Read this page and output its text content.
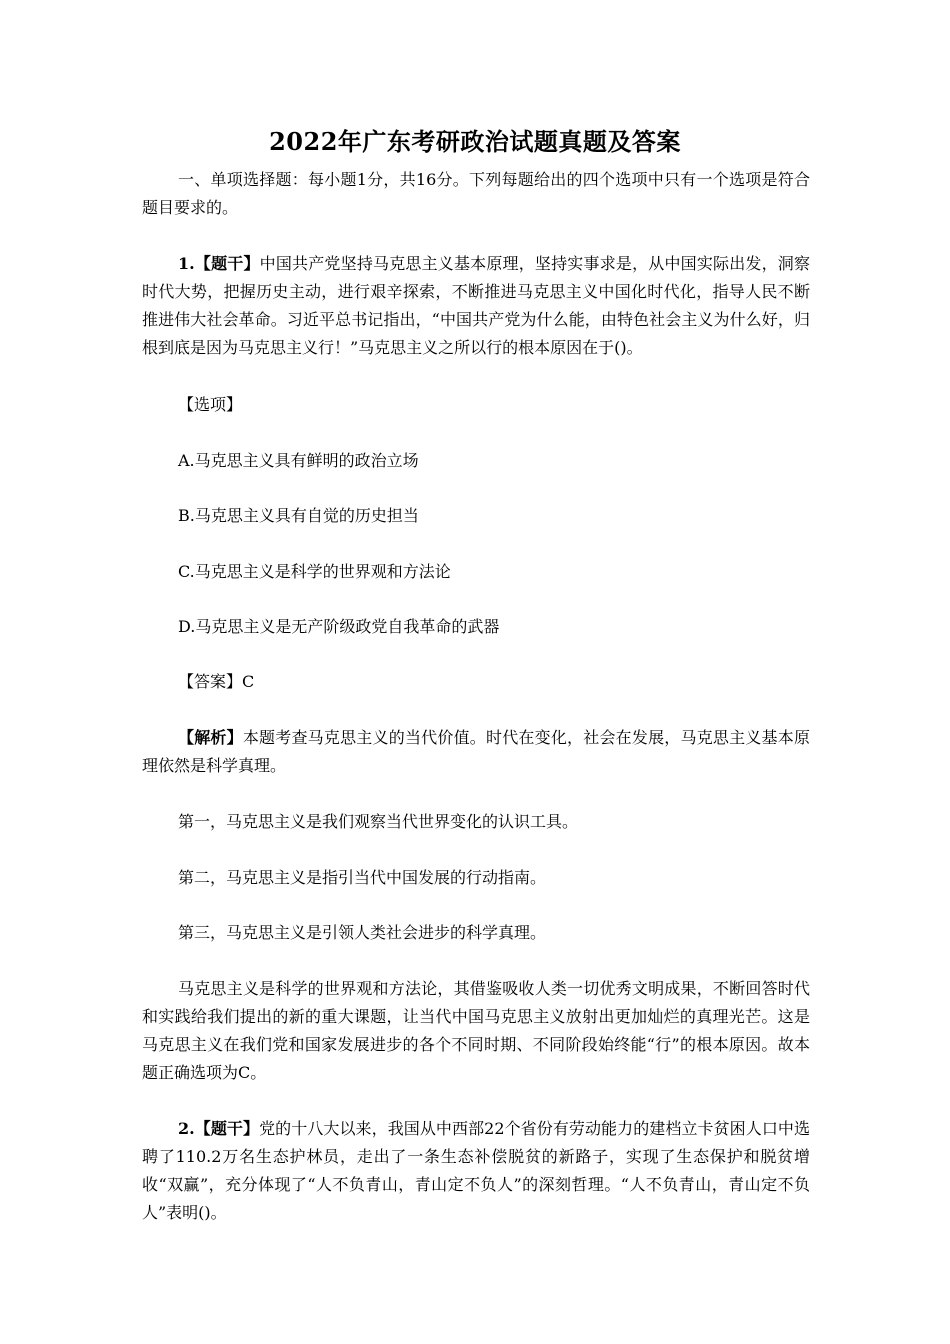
2022年广东考研政治试题真题及答案

一、单项选择题：每小题1分，共16分。下列每题给出的四个选项中只有一个选项是符合题目要求的。

1.【题干】中国共产党坚持马克思主义基本原理，坚持实事求是，从中国实际出发，洞察时代大势，把握历史主动，进行艰辛探索，不断推进马克思主义中国化时代化，指导人民不断推进伟大社会革命。习近平总书记指出，“中国共产党为什么能，由特色社会主义为什么好，归根到底是因为马克思主义行！”马克思主义之所以行的根本原因在于()。

【选项】

A.马克思主义具有鲜明的政治立场

B.马克思主义具有自觉的历史担当

C.马克思主义是科学的世界观和方法论

D.马克思主义是无产阶级政党自我革命的武器

【答案】C

【解析】本题考查马克思主义的当代价值。时代在变化，社会在发展，马克思主义基本原理依然是科学真理。

第一，马克思主义是我们观察当代世界变化的认识工具。

第二，马克思主义是指引当代中国发展的行动指南。

第三，马克思主义是引领人类社会进步的科学真理。

马克思主义是科学的世界观和方法论，其借鉴吸收人类一切优秀文明成果，不断回答时代和实践给我们提出的新的重大课题，让当代中国马克思主义放射出更加灿烂的真理光芒。这是马克思主义在我们党和国家发展进步的各个不同时期、不同阶段始终能“行”的根本原因。故本题正确选项为C。

2.【题干】党的十八大以来，我国从中西部22个省份有劳动能力的建档立卡贫困人口中选聘了110.2万名生态护林员，走出了一条生态补偿脱贫的新路子，实现了生态保护和脱贫增收“双赢”，充分体现了“人不负青山，青山定不负人”的深刻哲理。“人不负青山，青山定不负人”表明()。
